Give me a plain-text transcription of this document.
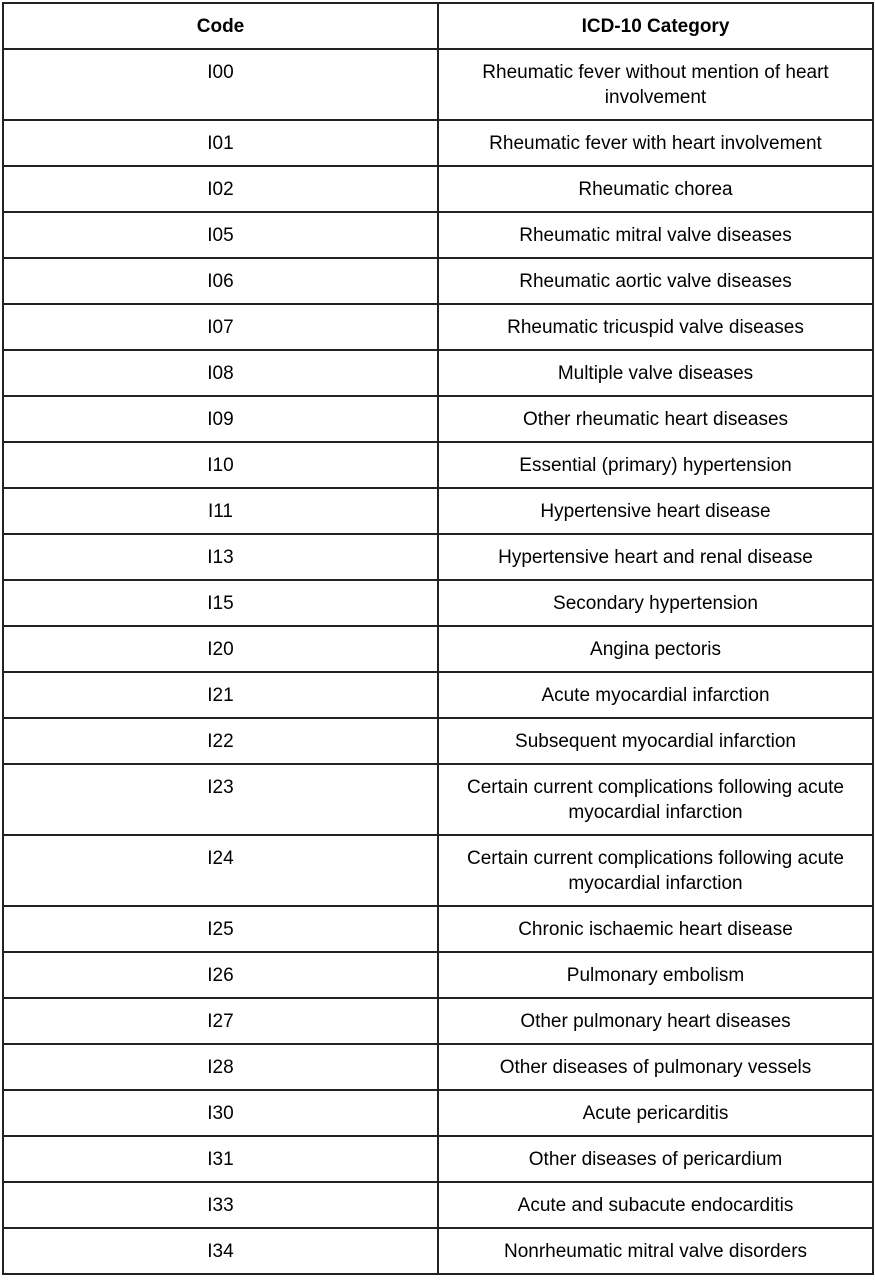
Code	ICD-10 Category
I00	Rheumatic fever without mention of heart involvement
I01	Rheumatic fever with heart involvement
I02	Rheumatic chorea
I05	Rheumatic mitral valve diseases
I06	Rheumatic aortic valve diseases
I07	Rheumatic tricuspid valve diseases
I08	Multiple valve diseases
I09	Other rheumatic heart diseases
I10	Essential (primary) hypertension
I11	Hypertensive heart disease
I13	Hypertensive heart and renal disease
I15	Secondary hypertension
I20	Angina pectoris
I21	Acute myocardial infarction
I22	Subsequent myocardial infarction
I23	Certain current complications following acute myocardial infarction
I24	Certain current complications following acute myocardial infarction
I25	Chronic ischaemic heart disease
I26	Pulmonary embolism
I27	Other pulmonary heart diseases
I28	Other diseases of pulmonary vessels
I30	Acute pericarditis
I31	Other diseases of pericardium
I33	Acute and subacute endocarditis
I34	Nonrheumatic mitral valve disorders
